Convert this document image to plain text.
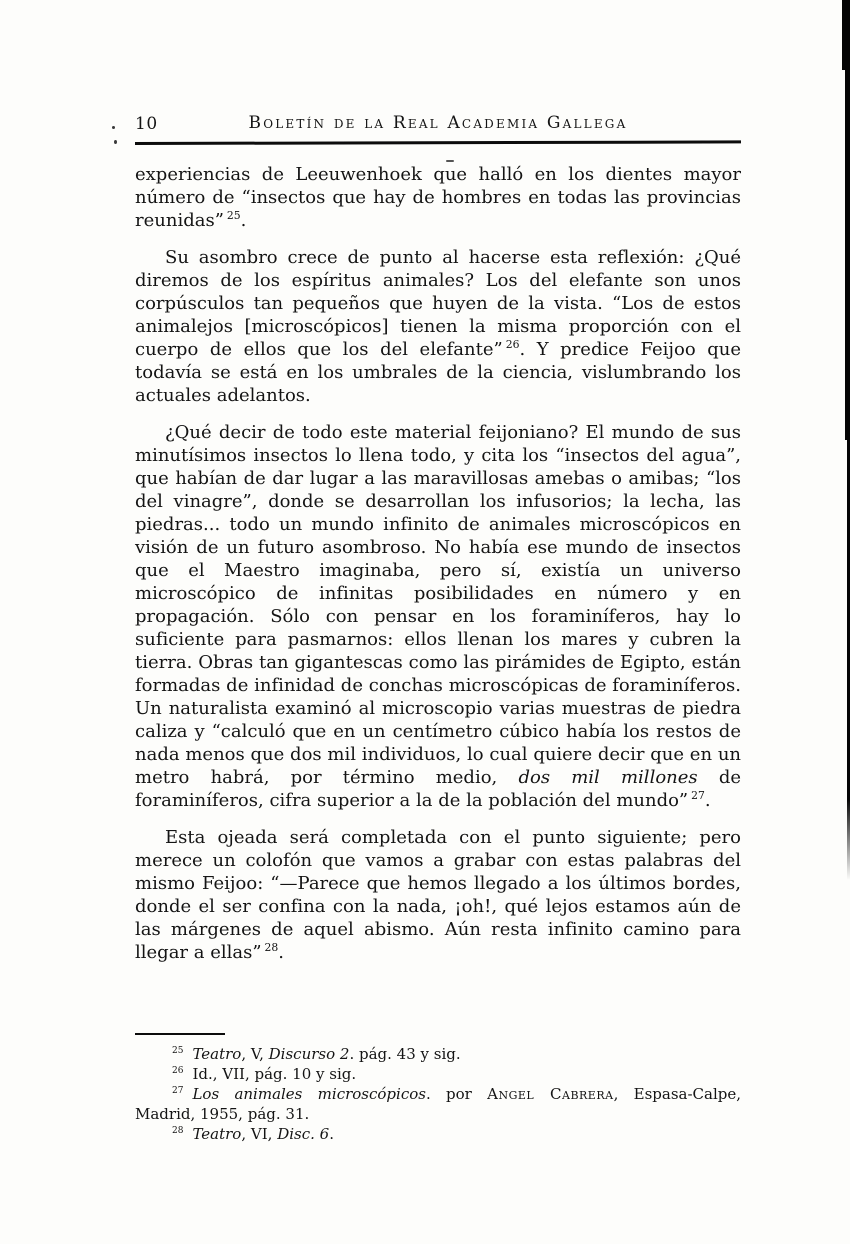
10	Boletín de la Real Academia Gallega

experiencias de Leeuwenhoek que halló en los dientes mayor número de “insectos que hay de hombres en todas las provincias reunidas” $^{25}$.

Su asombro crece de punto al hacerse esta reflexión: ¿Qué diremos de los espíritus animales? Los del elefante son unos corpúsculos tan pequeños que huyen de la vista. “Los de estos animalejos [microscópicos] tienen la misma proporción con el cuerpo de ellos que los del elefante” $^{26}$. Y predice Feijoo que todavía se está en los umbrales de la ciencia, vislumbrando los actuales adelantos.

¿Qué decir de todo este material feijoniano? El mundo de sus minutísimos insectos lo llena todo, y cita los “insectos del agua”, que habían de dar lugar a las maravillosas amebas o amibas; “los del vinagre”, donde se desarrollan los infusorios; la lecha, las piedras... todo un mundo infinito de animales microscópicos en visión de un futuro asombroso. No había ese mundo de insectos que el Maestro imaginaba, pero sí, existía un universo microscópico de infinitas posibilidades en número y en propagación. Sólo con pensar en los foraminíferos, hay lo suficiente para pasmarnos: ellos llenan los mares y cubren la tierra. Obras tan gigantescas como las pirámides de Egipto, están formadas de infinidad de conchas microscópicas de foraminíferos. Un naturalista examinó al microscopio varias muestras de piedra caliza y “calculó que en un centímetro cúbico había los restos de nada menos que dos mil individuos, lo cual quiere decir que en un metro habrá, por término medio, dos mil millones de foraminíferos, cifra superior a la de la población del mundo” $^{27}$.

Esta ojeada será completada con el punto siguiente; pero merece un colofón que vamos a grabar con estas palabras del mismo Feijoo: “—Parece que hemos llegado a los últimos bordes, donde el ser confina con la nada, ¡oh!, qué lejos estamos aún de las márgenes de aquel abismo. Aún resta infinito camino para llegar a ellas” $^{28}$.

$^{25}$ Teatro, V, Discurso 2. pág. 43 y sig.

$^{26}$ Id., VII, pág. 10 y sig.

$^{27}$ Los animales microscópicos. por Angel Cabrera, Espasa-Calpe, Madrid, 1955, pág. 31.

$^{28}$ Teatro, VI, Disc. 6.
